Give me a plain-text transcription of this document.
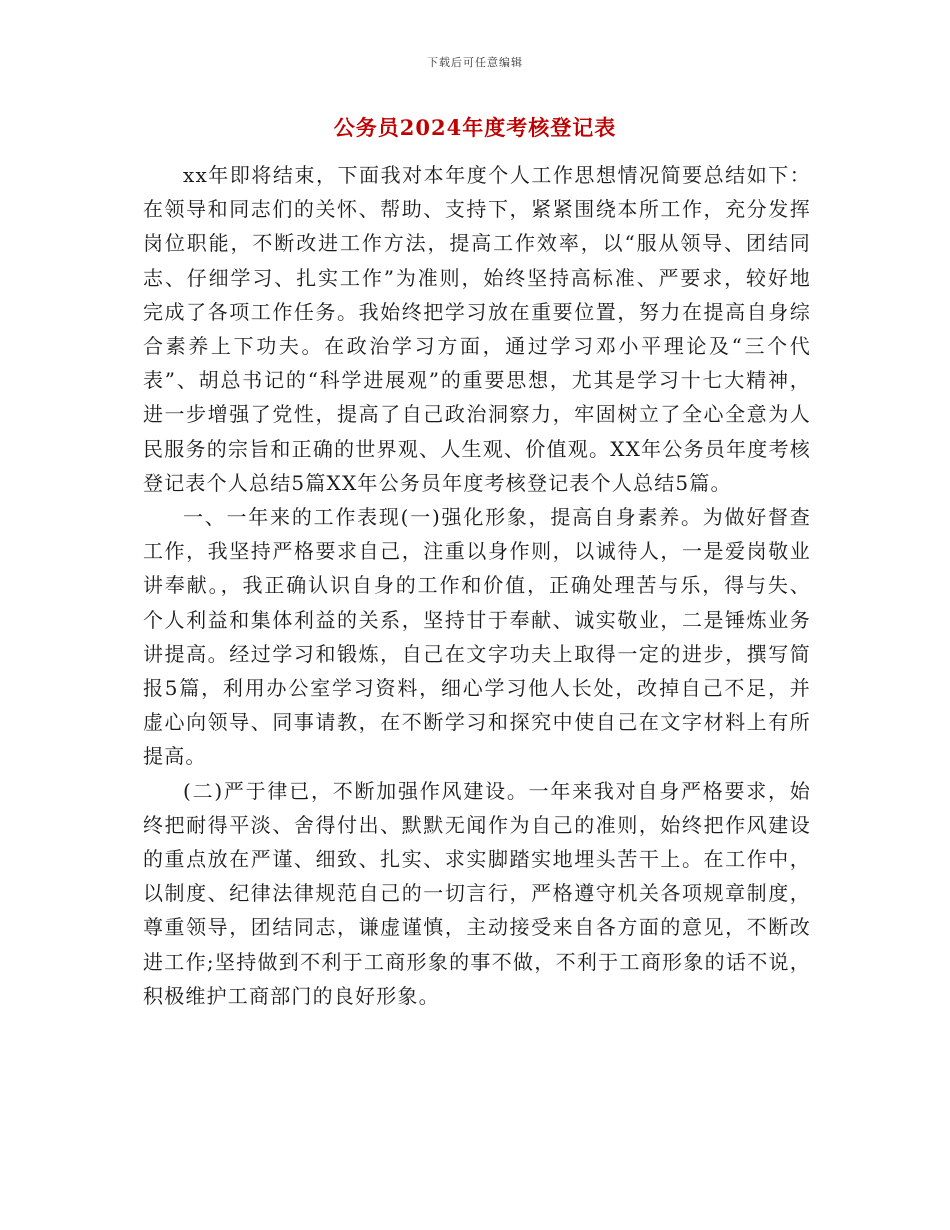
下载后可任意编辑
公务员2024年度考核登记表

xx年即将结束，下面我对本年度个人工作思想情况简要总结如下：在领导和同志们的关怀、帮助、支持下，紧紧围绕本所工作，充分发挥岗位职能，不断改进工作方法，提高工作效率，以“服从领导、团结同志、仔细学习、扎实工作”为准则，始终坚持高标准、严要求，较好地完成了各项工作任务。我始终把学习放在重要位置，努力在提高自身综合素养上下功夫。在政治学习方面，通过学习邓小平理论及“三个代表”、胡总书记的“科学进展观”的重要思想，尤其是学习十七大精神，进一步增强了党性，提高了自己政治洞察力，牢固树立了全心全意为人民服务的宗旨和正确的世界观、人生观、价值观。XX年公务员年度考核登记表个人总结5篇XX年公务员年度考核登记表个人总结5篇。

一、一年来的工作表现(一)强化形象，提高自身素养。为做好督查工作，我坚持严格要求自己，注重以身作则，以诚待人，一是爱岗敬业讲奉献。，我正确认识自身的工作和价值，正确处理苦与乐，得与失、个人利益和集体利益的关系，坚持甘于奉献、诚实敬业，二是锤炼业务讲提高。经过学习和锻炼，自己在文字功夫上取得一定的进步，撰写简报5篇，利用办公室学习资料，细心学习他人长处，改掉自己不足，并虚心向领导、同事请教，在不断学习和探究中使自己在文字材料上有所提高。

(二)严于律已，不断加强作风建设。一年来我对自身严格要求，始终把耐得平淡、舍得付出、默默无闻作为自己的准则，始终把作风建设的重点放在严谨、细致、扎实、求实脚踏实地埋头苦干上。在工作中，以制度、纪律法律规范自己的一切言行，严格遵守机关各项规章制度，尊重领导，团结同志，谦虚谨慎，主动接受来自各方面的意见，不断改进工作;坚持做到不利于工商形象的事不做，不利于工商形象的话不说，积极维护工商部门的良好形象。
